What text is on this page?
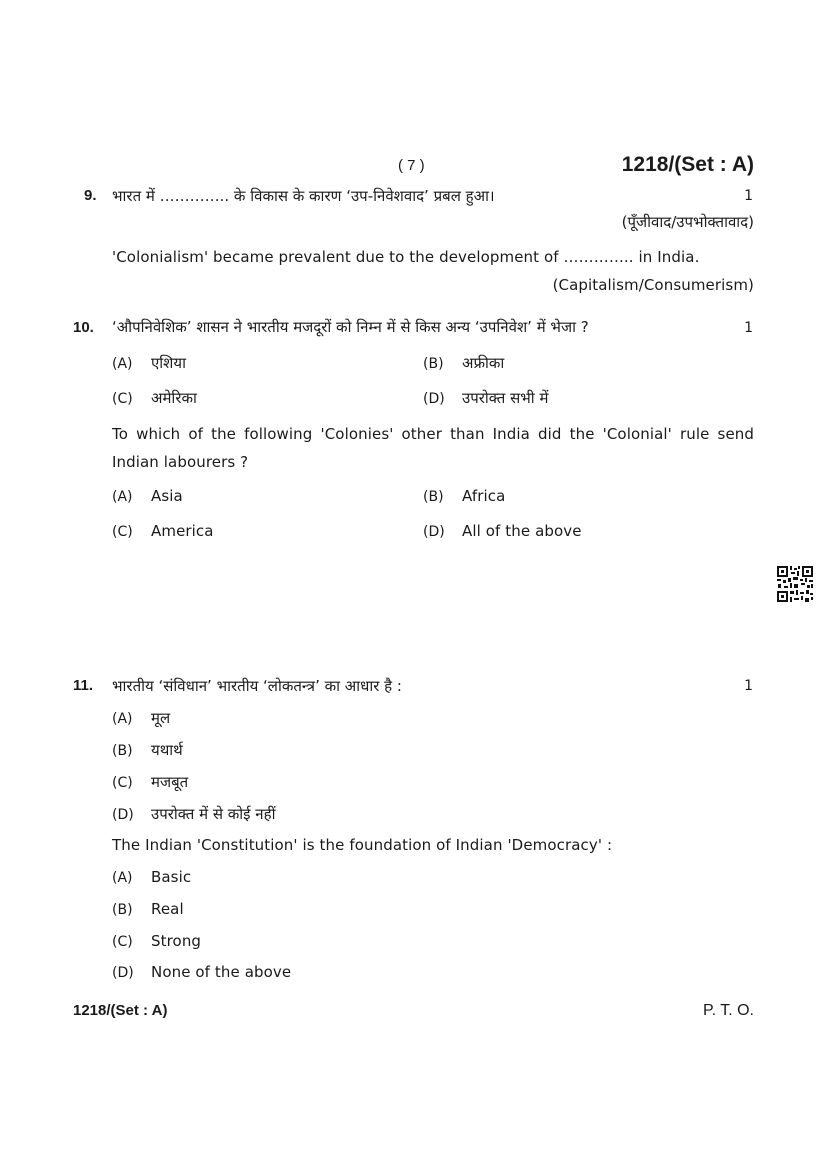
( 7 )	1218/(Set : A)
9. भारत में ………….. के विकास के कारण ‘उप-निवेशवाद’ प्रबल हुआ।	1
(पूँजीवाद/उपभोक्तावाद)
'Colonialism' became prevalent due to the development of ………….. in India.
(Capitalism/Consumerism)
10. ‘औपनिवेशिक’ शासन ने भारतीय मजदूरों को निम्न में से किस अन्य ‘उपनिवेश’ में भेजा ?	1
(A) एशिया	(B) अफ्रीका
(C) अमेरिका	(D) उपरोक्त सभी में
To which of the following 'Colonies' other than India did the 'Colonial' rule send Indian labourers ?
(A) Asia	(B) Africa
(C) America	(D) All of the above
11. भारतीय ‘संविधान’ भारतीय ‘लोकतन्त्र’ का आधार है :	1
(A) मूल
(B) यथार्थ
(C) मजबूत
(D) उपरोक्त में से कोई नहीं
The Indian 'Constitution' is the foundation of Indian 'Democracy' :
(A) Basic
(B) Real
(C) Strong
(D) None of the above
1218/(Set : A)	P. T. O.
